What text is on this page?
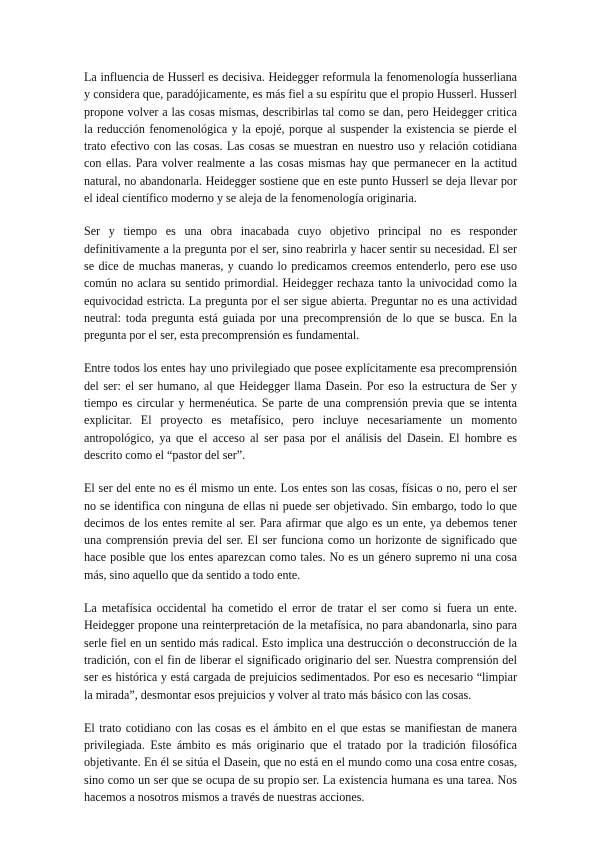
La influencia de Husserl es decisiva. Heidegger reformula la fenomenología husserliana y considera que, paradójicamente, es más fiel a su espíritu que el propio Husserl. Husserl propone volver a las cosas mismas, describirlas tal como se dan, pero Heidegger critica la reducción fenomenológica y la epojé, porque al suspender la existencia se pierde el trato efectivo con las cosas. Las cosas se muestran en nuestro uso y relación cotidiana con ellas. Para volver realmente a las cosas mismas hay que permanecer en la actitud natural, no abandonarla. Heidegger sostiene que en este punto Husserl se deja llevar por el ideal científico moderno y se aleja de la fenomenología originaria.

Ser y tiempo es una obra inacabada cuyo objetivo principal no es responder definitivamente a la pregunta por el ser, sino reabrirla y hacer sentir su necesidad. El ser se dice de muchas maneras, y cuando lo predicamos creemos entenderlo, pero ese uso común no aclara su sentido primordial. Heidegger rechaza tanto la univocidad como la equivocidad estricta. La pregunta por el ser sigue abierta. Preguntar no es una actividad neutral: toda pregunta está guiada por una precomprensión de lo que se busca. En la pregunta por el ser, esta precomprensión es fundamental.

Entre todos los entes hay uno privilegiado que posee explícitamente esa precomprensión del ser: el ser humano, al que Heidegger llama Dasein. Por eso la estructura de Ser y tiempo es circular y hermenéutica. Se parte de una comprensión previa que se intenta explicitar. El proyecto es metafísico, pero incluye necesariamente un momento antropológico, ya que el acceso al ser pasa por el análisis del Dasein. El hombre es descrito como el “pastor del ser”.

El ser del ente no es él mismo un ente. Los entes son las cosas, físicas o no, pero el ser no se identifica con ninguna de ellas ni puede ser objetivado. Sin embargo, todo lo que decimos de los entes remite al ser. Para afirmar que algo es un ente, ya debemos tener una comprensión previa del ser. El ser funciona como un horizonte de significado que hace posible que los entes aparezcan como tales. No es un género supremo ni una cosa más, sino aquello que da sentido a todo ente.

La metafísica occidental ha cometido el error de tratar el ser como si fuera un ente. Heidegger propone una reinterpretación de la metafísica, no para abandonarla, sino para serle fiel en un sentido más radical. Esto implica una destrucción o deconstrucción de la tradición, con el fin de liberar el significado originario del ser. Nuestra comprensión del ser es histórica y está cargada de prejuicios sedimentados. Por eso es necesario “limpiar la mirada”, desmontar esos prejuicios y volver al trato más básico con las cosas.

El trato cotidiano con las cosas es el ámbito en el que estas se manifiestan de manera privilegiada. Este ámbito es más originario que el tratado por la tradición filosófica objetivante. En él se sitúa el Dasein, que no está en el mundo como una cosa entre cosas, sino como un ser que se ocupa de su propio ser. La existencia humana es una tarea. Nos hacemos a nosotros mismos a través de nuestras acciones.
